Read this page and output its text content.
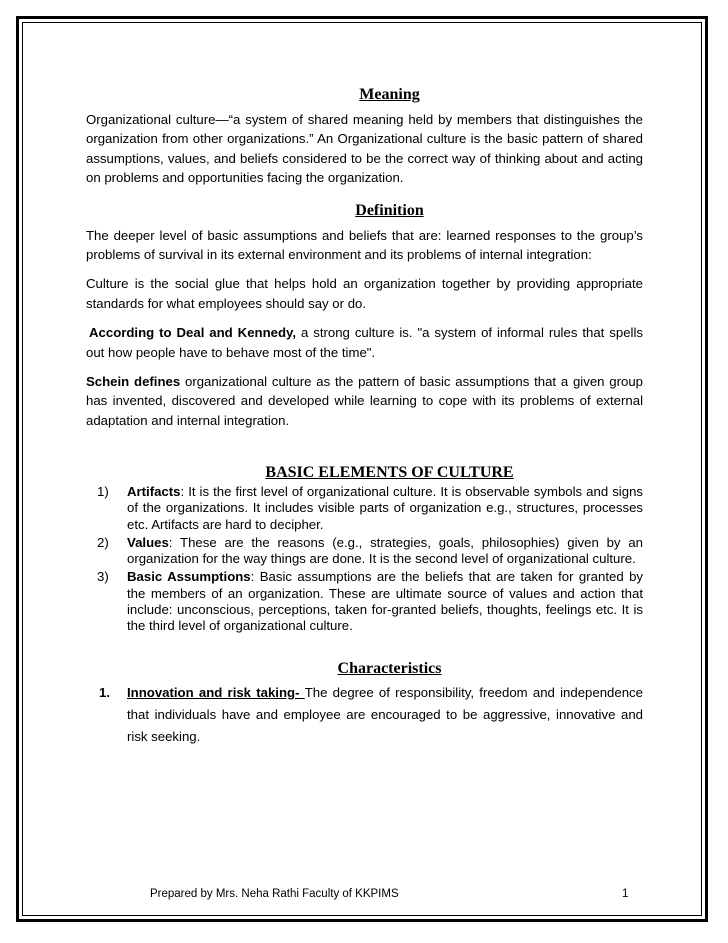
Meaning

Organizational culture—“a system of shared meaning held by members that distinguishes the organization from other organizations.” An Organizational culture is the basic pattern of shared assumptions, values, and beliefs considered to be the correct way of thinking about and acting on problems and opportunities facing the organization.

Definition

The deeper level of basic assumptions and beliefs that are: learned responses to the group’s problems of survival in its external environment and its problems of internal integration:

Culture is the social glue that helps hold an organization together by providing appropriate standards for what employees should say or do.

According to Deal and Kennedy, a strong culture is. "a system of informal rules that spells out how people have to behave most of the time".

Schein defines organizational culture as the pattern of basic assumptions that a given group has invented, discovered and developed while learning to cope with its problems of external adaptation and internal integration.

BASIC ELEMENTS OF CULTURE
1) Artifacts: It is the first level of organizational culture. It is observable symbols and signs of the organizations. It includes visible parts of organization e.g., structures, processes etc. Artifacts are hard to decipher.
2) Values: These are the reasons (e.g., strategies, goals, philosophies) given by an organization for the way things are done. It is the second level of organizational culture.
3) Basic Assumptions: Basic assumptions are the beliefs that are taken for granted by the members of an organization. These are ultimate source of values and action that include: unconscious, perceptions, taken for-granted beliefs, thoughts, feelings etc. It is the third level of organizational culture.
Characteristics
1. Innovation and risk taking- The degree of responsibility, freedom and independence that individuals have and employee are encouraged to be aggressive, innovative and risk seeking.
Prepared by Mrs. Neha Rathi Faculty of KKPIMS	1
